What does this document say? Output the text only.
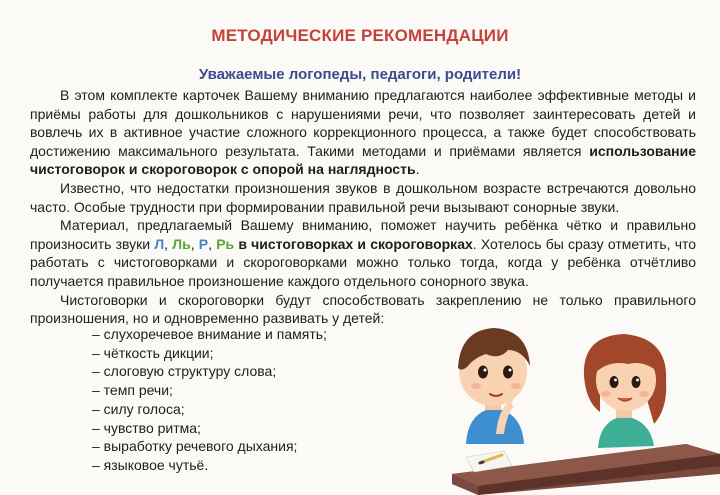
МЕТОДИЧЕСКИЕ РЕКОМЕНДАЦИИ
Уважаемые логопеды, педагоги, родители!

В этом комплекте карточек Вашему вниманию предлагаются наиболее эффективные методы и приёмы работы для дошкольников с нарушениями речи, что позволяет заинтересовать детей и вовлечь их в активное участие сложного коррекционного процесса, а также будет способствовать достижению максимального результата. Такими методами и приёмами является использование чистоговорок и скороговорок с опорой на наглядность.

Известно, что недостатки произношения звуков в дошкольном возрасте встречаются довольно часто. Особые трудности при формировании правильной речи вызывают сонорные звуки.

Материал, предлагаемый Вашему вниманию, поможет научить ребёнка чётко и правильно произносить звуки Л, Ль, Р, Рь в чистоговорках и скороговорках. Хотелось бы сразу отметить, что работать с чистоговорками и скороговорками можно только тогда, когда у ребёнка отчётливо получается правильное произношение каждого отдельного сонорного звука.

Чистоговорки и скороговорки будут способствовать закреплению не только правильного произношения, но и одновременно развивать у детей:

– слухоречевое внимание и память;
– чёткость дикции;
– слоговую структуру слова;
– темп речи;
– силу голоса;
– чувство ритма;
– выработку речевого дыхания;
– языковое чутьё.
